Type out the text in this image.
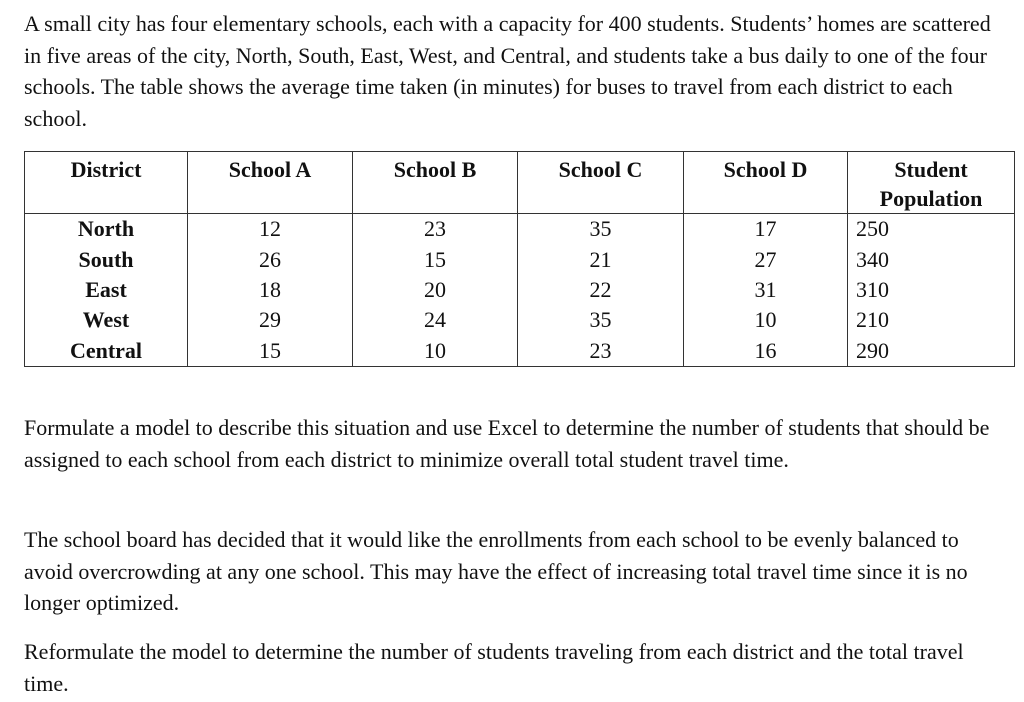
A small city has four elementary schools, each with a capacity for 400 students. Students’ homes are scattered in five areas of the city, North, South, East, West, and Central, and students take a bus daily to one of the four schools. The table shows the average time taken (in minutes) for buses to travel from each district to each school.

District	School A	School B	School C	School D	Student Population
North	12	23	35	17	250
South	26	15	21	27	340
East	18	20	22	31	310
West	29	24	35	10	210
Central	15	10	23	16	290

Formulate a model to describe this situation and use Excel to determine the number of students that should be assigned to each school from each district to minimize overall total student travel time.

The school board has decided that it would like the enrollments from each school to be evenly balanced to avoid overcrowding at any one school. This may have the effect of increasing total travel time since it is no longer optimized.

Reformulate the model to determine the number of students traveling from each district and the total travel time.
